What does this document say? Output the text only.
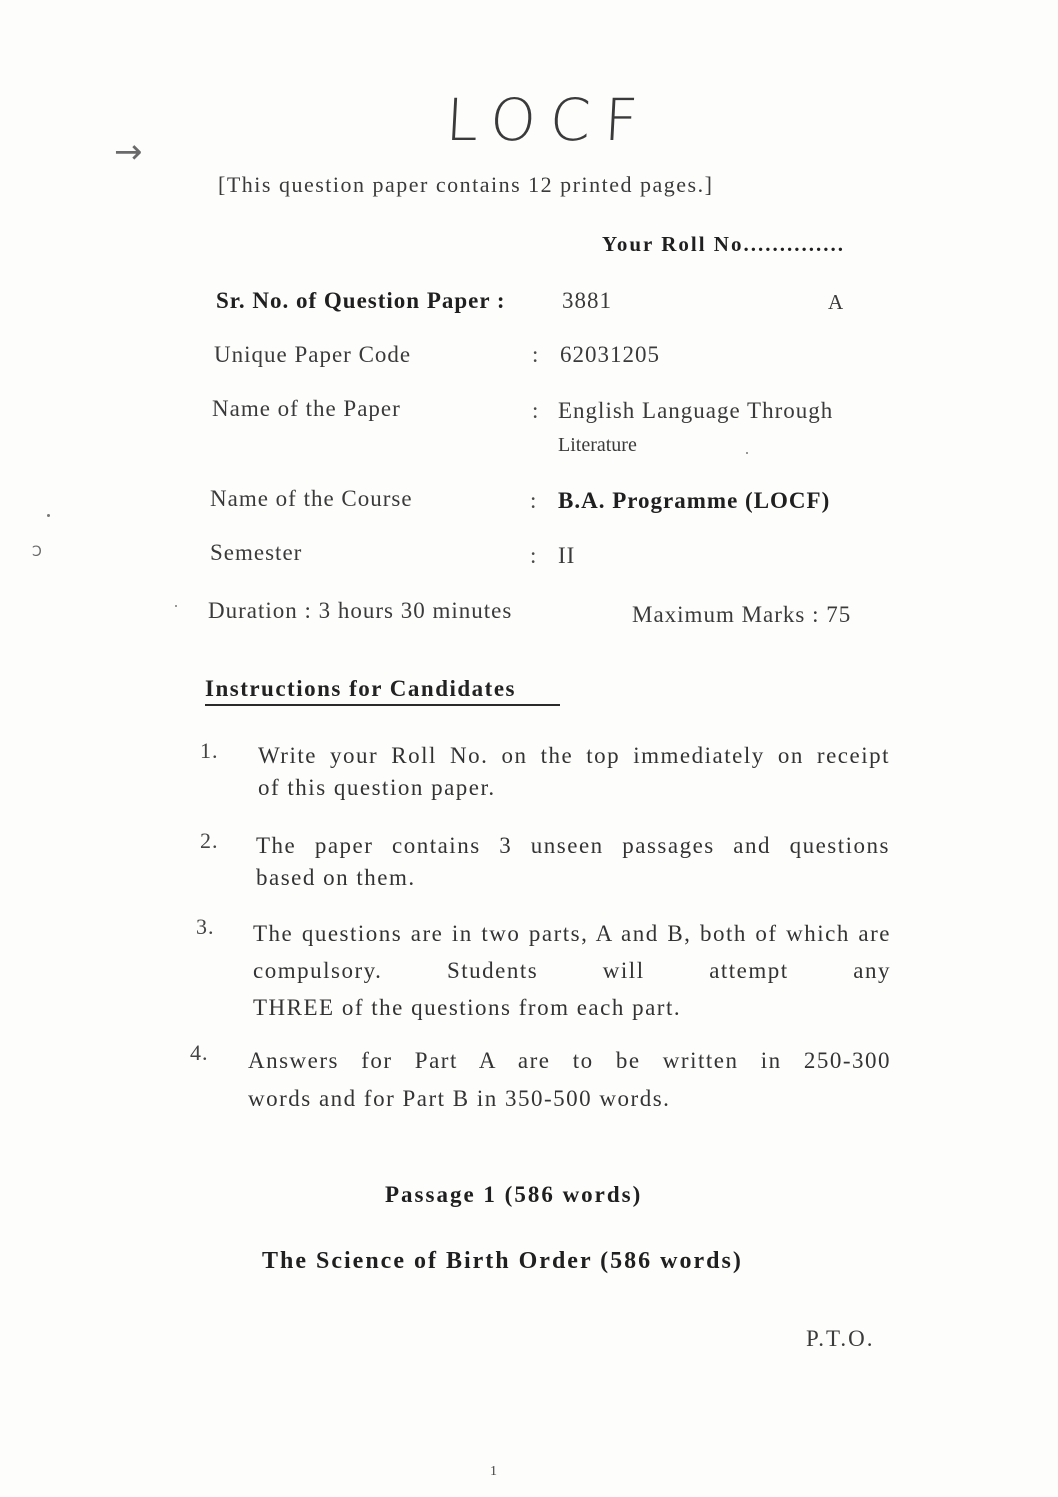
LOCF
→
Ↄ
[This question paper contains 12 printed pages.]
Your Roll No..............
Sr. No. of Question Paper : 3881	A
Unique Paper Code	: 62031205
Name of the Paper	: English Language Through
Literature
Name of the Course	: B.A. Programme (LOCF)
Semester	: II
Duration : 3 hours 30 minutes	Maximum Marks : 75
Instructions for Candidates
1. Write your Roll No. on the top immediately on receipt
of this question paper.
2. The paper contains 3 unseen passages and questions
based on them.
3. The questions are in two parts, A and B, both of which are compulsory. Students will attempt any
THREE of the questions from each part.
4. Answers for Part A are to be written in 250-300
words and for Part B in 350-500 words.
Passage 1 (586 words)
The Science of Birth Order (586 words)
P.T.O.
1
